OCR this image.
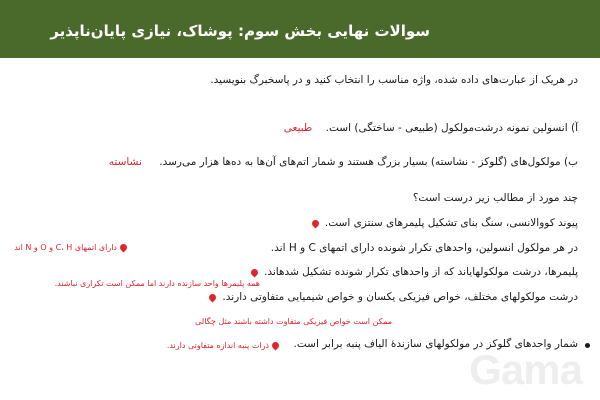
سوالات نهایی بخش سوم: پوشاک، نیازی پایان‌ناپذیر
در هریک از عبارت‌های داده شده، واژه مناسب را انتخاب کنید و در پاسخبرگ بنویسید.
آ) انسولین نمونه درشت‌مولکول (طبیعی - ساختگی) است. طبیعی
ب) مولکول‌های (گلوکز - نشاسته) بسیار بزرگ هستند و شمار اتم‌های آن‌ها به ده‌ها هزار می‌رسد. نشاسته
چند مورد از مطالب زیر درست است؟
پیوند کووالانسی، سنگ بنای تشکیل پلیمرهای سنتزی است.
در هر مولکول انسولین، واحدهای تکرار شونده دارای اتمهای C و H اند.
دارای اتمهای C، H و O و N اند
پلیمرها، درشت مولکولهایاند که از واحدهای تکرار شونده تشکیل شدهاند.
همه پلیمرها واحد سازنده دارند اما ممکن است تکراری نباشند.
درشت مولکولهای مختلف، خواص فیزیکی یکسان و خواص شیمیایی متفاوتی دارند.
ممکن است خواص فیزیکی متفاوت داشته باشند مثل چگالی
شمار واحدهای گلوکز در مولکولهای سازندۀ الیاف پنبه برابر است.
ذرات پنبه اندازه متفاوتی دارند.
Gama
